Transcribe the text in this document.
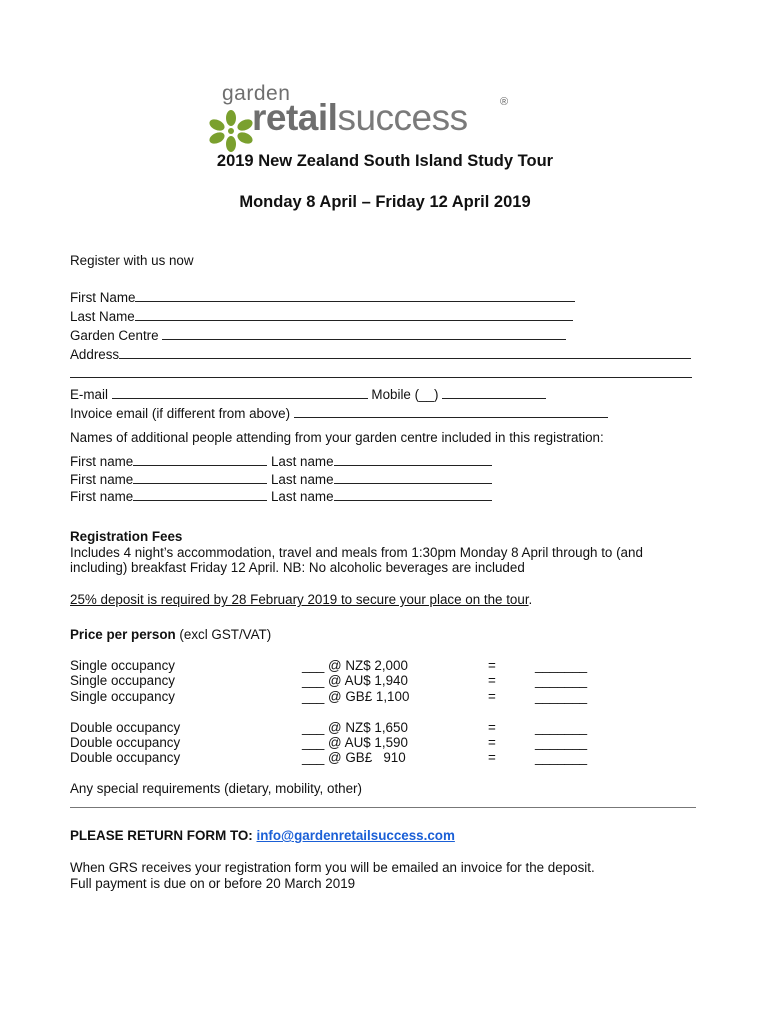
garden
retailsuccess	®
2019 New Zealand South Island Study Tour
Monday 8 April – Friday 12 April 2019
Register with us now
First Name
Last Name
Garden Centre
Address
E-mail	Mobile (__)
Invoice email (if different from above)
Names of additional people attending from your garden centre included in this registration:
First name	Last name
First name	Last name
First name	Last name
Registration Fees
Includes 4 night’s accommodation, travel and meals from 1:30pm Monday 8 April through to (and
including) breakfast Friday 12 April. NB: No alcoholic beverages are included
25% deposit is required by 28 February 2019 to secure your place on the tour.
Price per person (excl GST/VAT)
Single occupancy	___ @ NZ$ 2,000	=	_______
Single occupancy	___ @ AU$ 1,940	=	_______
Single occupancy	___ @ GB£ 1,100	=	_______
Double occupancy	___ @ NZ$ 1,650	=	_______
Double occupancy	___ @ AU$ 1,590	=	_______
Double occupancy	___ @ GB£   910	=	_______
Any special requirements (dietary, mobility, other)
PLEASE RETURN FORM TO: info@gardenretailsuccess.com
When GRS receives your registration form you will be emailed an invoice for the deposit.
Full payment is due on or before 20 March 2019
